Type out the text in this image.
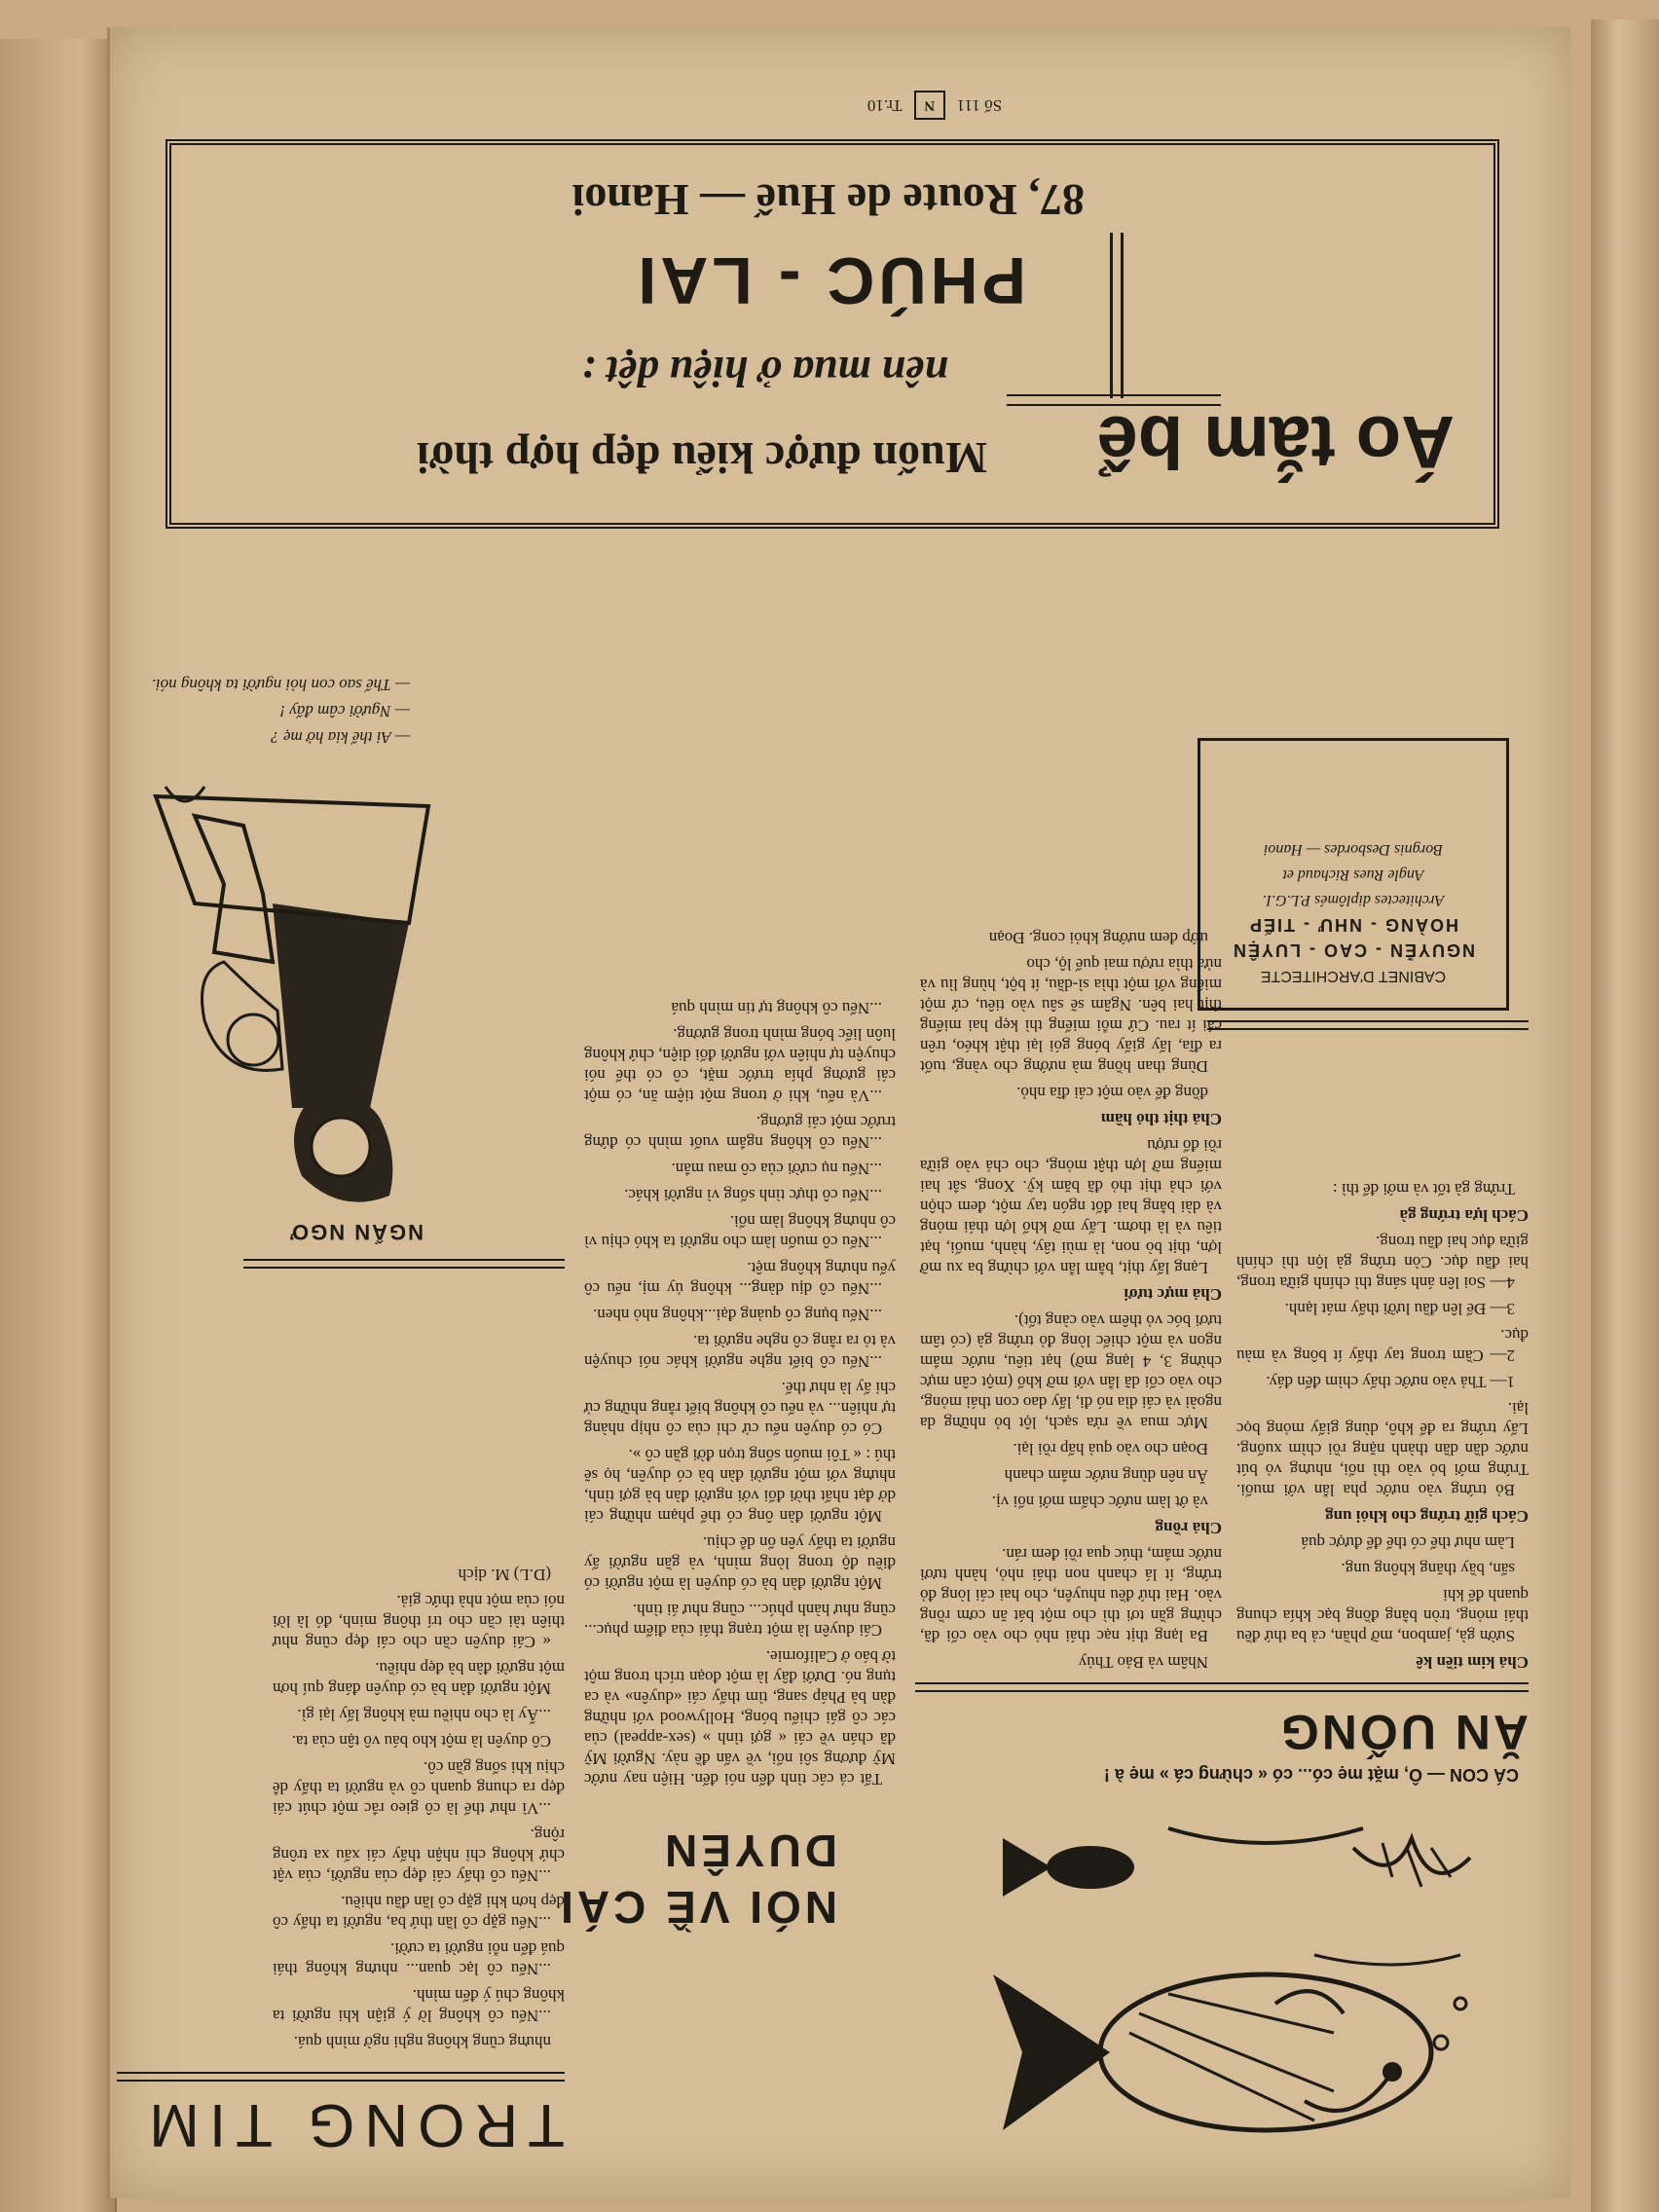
Số 111
N
Tr.10
TRONG TIM
NÓI VỀ CÁI
DUYÊN

nhưng cũng không nghi ngờ mình quá.

...Nếu cô không lờ ý giận khi người ta không chú ý đến mình.

...Nếu cô lạc quan... nhưng không thái quá đến nỗi người ta cười.

...Nếu gặp cô lần thứ ba, người ta thấy cô đẹp hơn khi gặp cô lần đầu nhiều.

...Nếu cô thấy cái đẹp của người, của vật chứ không chỉ nhận thấy cái xấu xa trông rộng.

...Vì như thế là cô gieo rắc một chút cái đẹp ra chung quanh cô và người ta thấy dễ chịu khi sống gần cô.

Cô duyên là một kho báu vô tận của ta.

...Ấy là cho nhiều mà không lấy lại gì.

Một người đàn bà có duyên đáng quí hơn một người đàn bà đẹp nhiều.

« Cái duyên cần cho cái đẹp cũng như thiên tài cần cho trí thông minh, đó là lời nói của một nhà thức giả.

(D.L) M. dịch

Tất cả các tình đến nói đến. Hiện nay nước Mỹ đương sôi nổi, về vấn đề này. Người Mỹ đã chán về cái « gợi tình » (sex-appeal) của các cô gái chiếu bóng, Hollywood với những đàn bà Pháp sang, tìm thấy cái «duyên» và ca tụng nó. Dưới đây là một đoạn trích trong một tờ báo ở Californie.

Cái duyên là một trạng thái của điểm phục... cũng như hành phúc... cũng như ái tình.

Một người đàn bà có duyên là một người có điều độ trong lòng mình, và gần người ấy người ta thấy yên ổn dễ chịu.

Một người đàn ông có thể phạm những cái dở đạt nhất thời đối với người đàn bà gợi tình, nhưng với một người đàn bà có duyên, họ sẽ thú : « Tôi muốn sống trọn đời gần cô ».

Có có duyên nếu cử chỉ của cô nhịp nhàng tự nhiên... và nếu cô không biết rằng những cử chỉ ấy là như thế.

...Nếu cô biết nghe người khác nói chuyện và tỏ ra rằng cô nghe người ta.

...Nếu bụng cô quảng đại...không nhỏ nhen.

...Nếu cô dịu dàng... không ủy mị, nếu cô yếu nhưng không mệt.

...Nếu cô muốn làm cho người ta khó chịu vì cô nhưng không làm nổi.

...Nếu cô thực tình sống vì người khác.

...Nếu nụ cười của cô mau mắn.

...Nếu cô không ngắm vuốt mình có đứng trước một cái gương.

...Và nếu, khi ở trong một tiệm ăn, có một cái gương phía trước mặt, cô có thể nói chuyện tự nhiên với người đối diện, chứ không luôn liếc bóng mình trong gương.

...Nếu cô không tự tin mình quá

NGẨN NGƠ

— Ai thế kia hở mẹ ?

— Người câm đấy !

— Thế sao con hỏi người ta không nói.

ĂN UỐNG

Nhâm và Bảo Thủy

Ba lạng thịt nạc thái nhỏ cho vào cối đã, chừng gần tơi thì cho một bát ăn cơm rồng vào. Hai thứ đều nhuyễn, cho hai cái lòng đỏ trứng, ít lá chanh non thái nhỏ, hành tươi nước mắm, thúc qua rồi đem rán.

Chả rồng

và ớt làm nước chấm mới nổi vị.

Ăn nên dùng nước mắm chanh

Đoạn cho vào quả hấp rồi lại.

Mực mua về rửa sạch, lột bỏ những da ngoài và cái dìa nó đi, lấy dao con thái mỏng, cho vào cối dã lẫn với mỡ khổ (một cân mực chừng 3, 4 lạng mỡ) hạt tiêu, nước mắm ngon và một chiếc lòng đỏ trứng gà (có tâm tươi bóc vỏ thêm vào càng tốt).

Chả mực tươi

Lạng lấy thịt, bằm lẫn với chừng ba xu mỡ lợn, thịt bò non, là mùi tây, hành, muối, hạt tiêu và là thơm. Lấy mỡ khổ lợn thái mỏng và dài bằng hai đốt ngón tay một, đem chộn với chả thịt thỏ đã băm kỹ. Xong, sắt hai miếng mỡ lợn thật mỏng, cho chả vào giữa rồi đổ rượu

Chả thịt thỏ hầm

đồng để vào một cái đĩa nhỏ.

Dùng than hồng mà nướng cho vàng, tuốt ra đĩa, lấy giấy bóng gói lại thật khéo, trên cái ít rau. Cứ mỗi miếng thì kẹp hai miếng thịt hai bên. Ngâm sẽ sâu vào tiêu, cứ một miếng với một thìa sì-dầu, ít bột, hùng lìu và nửa thìa rượu mai quế lộ, cho

ướp đem nướng khỏi cong. Đoạn

Chả kim tiền kê

Sườn gà, jambon, mỡ phần, cả ba thứ đều thái mỏng, tròn bằng đồng bạc khía chung quanh để khi

sẩn, bầy thăng không ung.

Làm như thế có thể để được quá

Cách giữ trứng cho khỏi ung

Bỏ trứng vào nước pha lẫn với muối. Trứng mới bỏ vào thì nổi, nhưng vỏ bút nước dần dần thành nặng rồi chìm xuống. Lấy trứng ra để khô, dùng giấy mỏng bọc lại.

1— Thả vào nước thấy chìm đến đáy.

2— Cầm trong tay thấy ít bông và màu đục.

3— Để lên đầu lưỡi thấy mát lạnh.

4— Soi lên ánh sáng thì chính giữa trong, hai đầu đục. Còn trứng gà lộn thì chính giữa đục hai đầu trong.

Cách lựa trứng gà

Trứng gà tốt và mới để thì :

CÁ CON — Ô, mặt mẹ có... có « chừng cá » mẹ à !
CABINET D'ARCHITECTE
NGUYỄN - CAO - LUYỆN
HOÀNG - NHƯ - TIẾP
Architectes diplômés P.L.G.I.
Angle Rues Richaud et
Borgnis Desbordes — Hanoi
Áo tắm bể
Muốn được kiểu đẹp hợp thời
nên mua ở hiệu dệt :
PHÚC - LAI
87, Route de Huế — Hanoi
